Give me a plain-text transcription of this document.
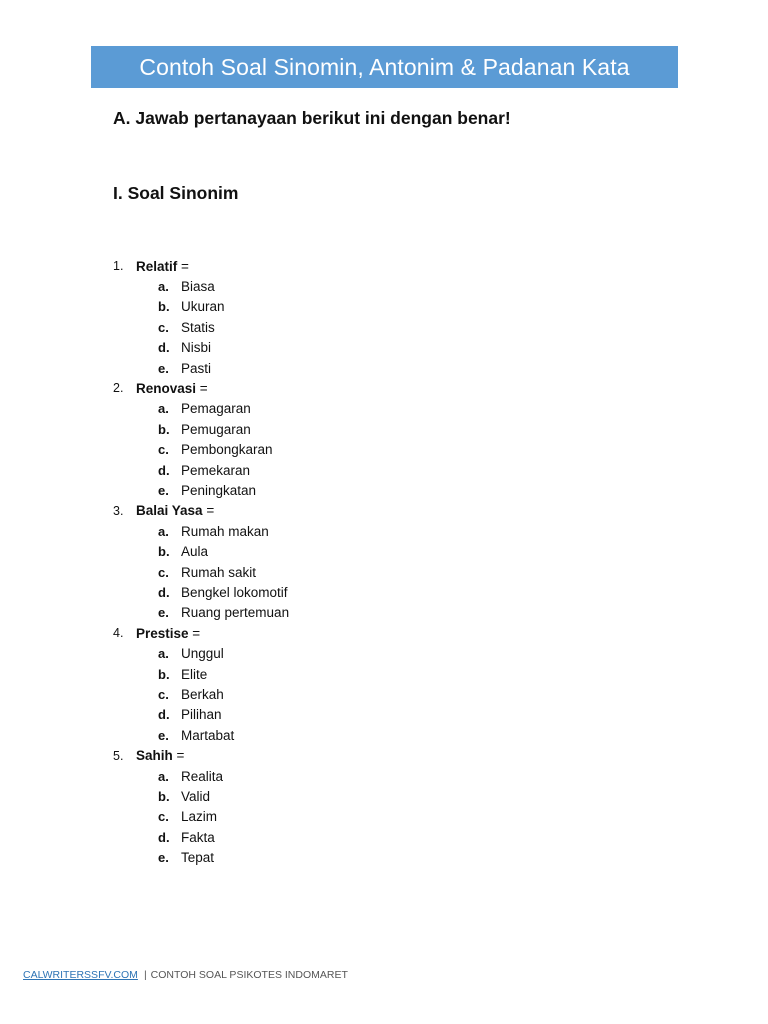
Contoh Soal Sinomin, Antonim & Padanan Kata
A. Jawab pertanayaan berikut ini dengan benar!
I. Soal Sinonim
1. Relatif =
a. Biasa
b. Ukuran
c. Statis
d. Nisbi
e. Pasti
2. Renovasi =
a. Pemagaran
b. Pemugaran
c. Pembongkaran
d. Pemekaran
e. Peningkatan
3. Balai Yasa =
a. Rumah makan
b. Aula
c. Rumah sakit
d. Bengkel lokomotif
e. Ruang pertemuan
4. Prestise =
a. Unggul
b. Elite
c. Berkah
d. Pilihan
e. Martabat
5. Sahih =
a. Realita
b. Valid
c. Lazim
d. Fakta
e. Tepat
CALWRITERSSFV.COM | CONTOH SOAL PSIKOTES INDOMARET
